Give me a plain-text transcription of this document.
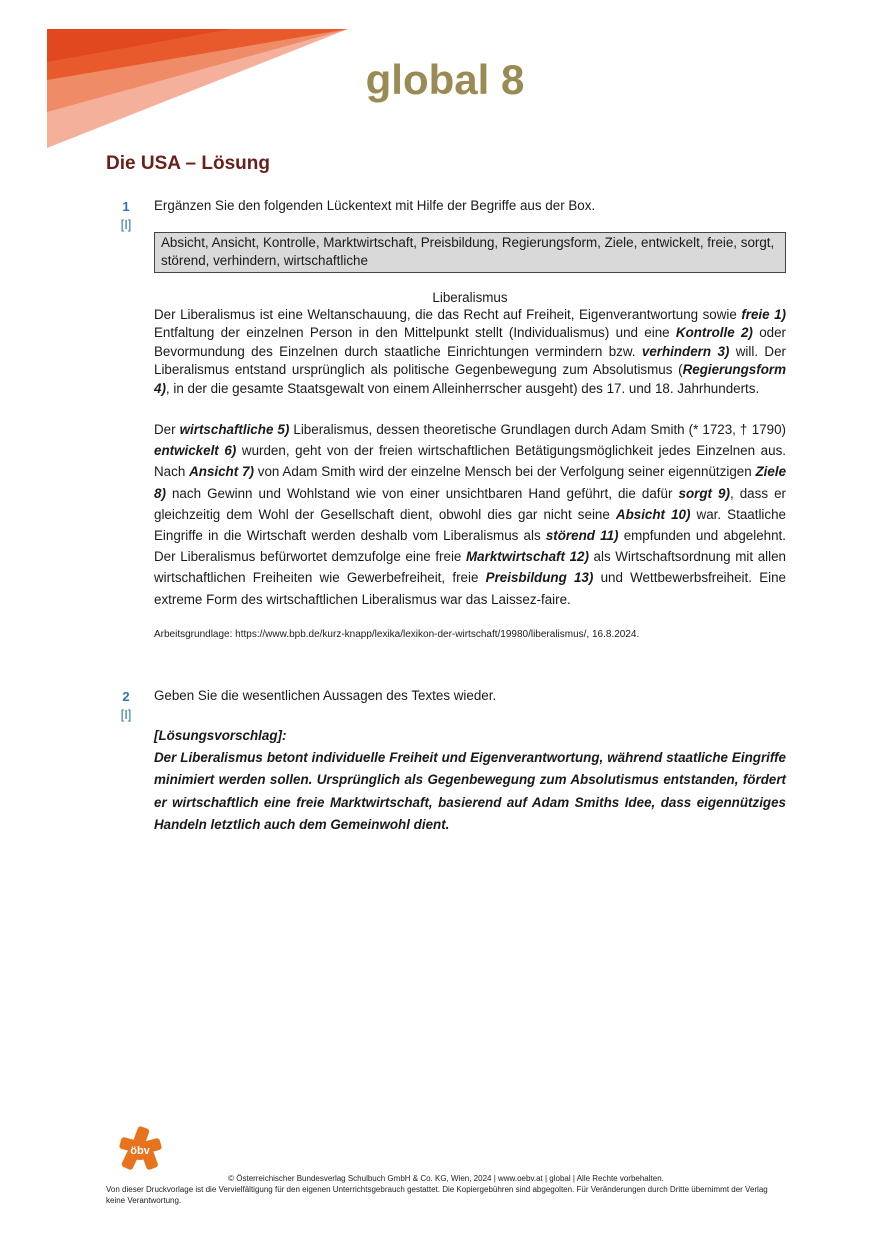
global 8
Die USA – Lösung
1
[I]
Ergänzen Sie den folgenden Lückentext mit Hilfe der Begriffe aus der Box.
Absicht, Ansicht, Kontrolle, Marktwirtschaft, Preisbildung, Regierungsform, Ziele, entwickelt, freie, sorgt, störend, verhindern, wirtschaftliche
Liberalismus

Der Liberalismus ist eine Weltanschauung, die das Recht auf Freiheit, Eigenverantwortung sowie freie 1) Entfaltung der einzelnen Person in den Mittelpunkt stellt (Individualismus) und eine Kontrolle 2) oder Bevormundung des Einzelnen durch staatliche Einrichtungen vermindern bzw. verhindern 3) will. Der Liberalismus entstand ursprünglich als politische Gegenbewegung zum Absolutismus (Regierungsform 4), in der die gesamte Staatsgewalt von einem Alleinherrscher ausgeht) des 17. und 18. Jahrhunderts.

Der wirtschaftliche 5) Liberalismus, dessen theoretische Grundlagen durch Adam Smith (* 1723, † 1790) entwickelt 6) wurden, geht von der freien wirtschaftlichen Betätigungsmöglichkeit jedes Einzelnen aus. Nach Ansicht 7) von Adam Smith wird der einzelne Mensch bei der Verfolgung seiner eigennützigen Ziele 8) nach Gewinn und Wohlstand wie von einer unsichtbaren Hand geführt, die dafür sorgt 9), dass er gleichzeitig dem Wohl der Gesellschaft dient, obwohl dies gar nicht seine Absicht 10) war. Staatliche Eingriffe in die Wirtschaft werden deshalb vom Liberalismus als störend 11) empfunden und abgelehnt. Der Liberalismus befürwortet demzufolge eine freie Marktwirtschaft 12) als Wirtschaftsordnung mit allen wirtschaftlichen Freiheiten wie Gewerbefreiheit, freie Preisbildung 13) und Wettbewerbsfreiheit. Eine extreme Form des wirtschaftlichen Liberalismus war das Laissez-faire.

Arbeitsgrundlage: https://www.bpb.de/kurz-knapp/lexika/lexikon-der-wirtschaft/19980/liberalismus/, 16.8.2024.
2
[I]
Geben Sie die wesentlichen Aussagen des Textes wieder.

[Lösungsvorschlag]:

Der Liberalismus betont individuelle Freiheit und Eigenverantwortung, während staatliche Eingriffe minimiert werden sollen. Ursprünglich als Gegenbewegung zum Absolutismus entstanden, fördert er wirtschaftlich eine freie Marktwirtschaft, basierend auf Adam Smiths Idee, dass eigennütziges Handeln letztlich auch dem Gemeinwohl dient.

öbv
© Österreichischer Bundesverlag Schulbuch GmbH & Co. KG, Wien, 2024 | www.oebv.at | global | Alle Rechte vorbehalten.
Von dieser Druckvorlage ist die Vervielfältigung für den eigenen Unterrichtsgebrauch gestattet. Die Kopiergebühren sind abgegolten. Für Veränderungen durch Dritte übernimmt der Verlag keine Verantwortung.
